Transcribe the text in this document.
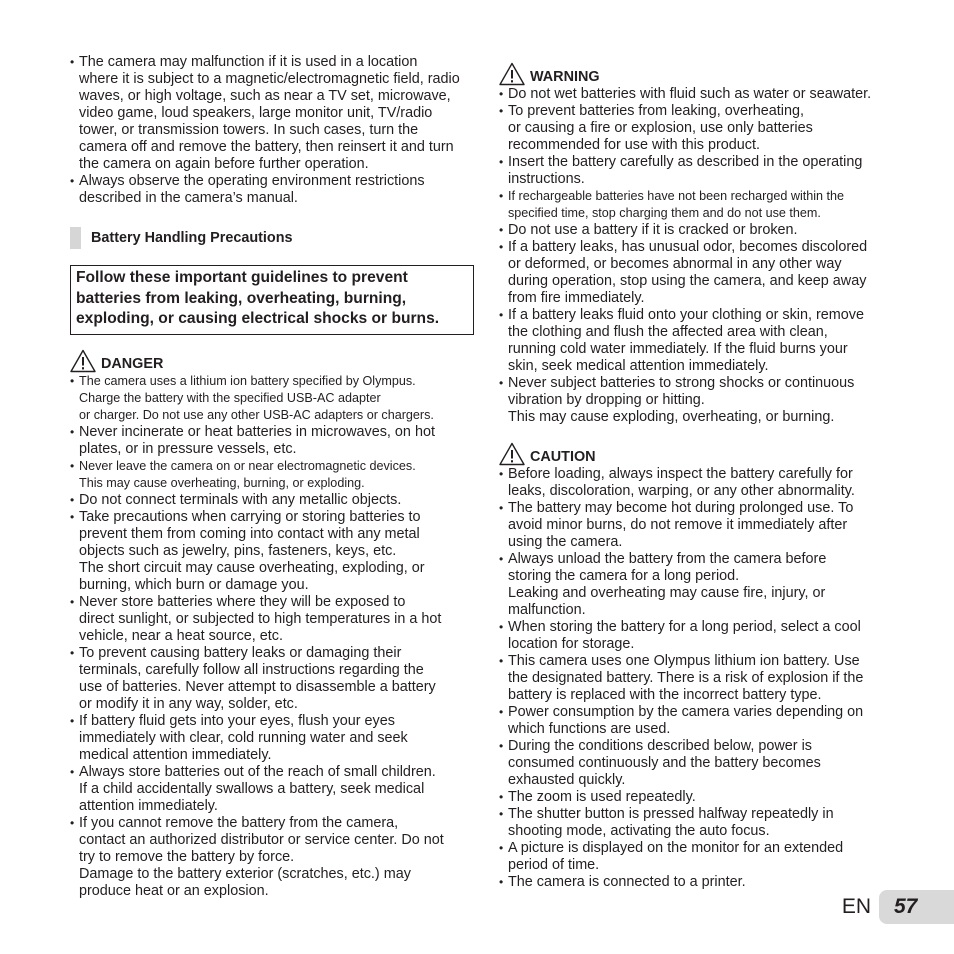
• The camera may malfunction if it is used in a location
where it is subject to a magnetic/electromagnetic field, radio
waves, or high voltage, such as near a TV set, microwave,
video game, loud speakers, large monitor unit, TV/radio
tower, or transmission towers. In such cases, turn the
camera off and remove the battery, then reinsert it and turn
the camera on again before further operation.
• Always observe the operating environment restrictions
described in the camera’s manual.
Battery Handling Precautions
Follow these important guidelines to prevent
batteries from leaking, overheating, burning,
exploding, or causing electrical shocks or burns.
DANGER
• The camera uses a lithium ion battery specified by Olympus.
Charge the battery with the specified USB-AC adapter
or charger. Do not use any other USB-AC adapters or chargers.
• Never incinerate or heat batteries in microwaves, on hot
plates, or in pressure vessels, etc.
• Never leave the camera on or near electromagnetic devices.
This may cause overheating, burning, or exploding.
• Do not connect terminals with any metallic objects.
• Take precautions when carrying or storing batteries to
prevent them from coming into contact with any metal
objects such as jewelry, pins, fasteners, keys, etc.
The short circuit may cause overheating, exploding, or
burning, which burn or damage you.
• Never store batteries where they will be exposed to
direct sunlight, or subjected to high temperatures in a hot
vehicle, near a heat source, etc.
• To prevent causing battery leaks or damaging their
terminals, carefully follow all instructions regarding the
use of batteries. Never attempt to disassemble a battery
or modify it in any way, solder, etc.
• If battery fluid gets into your eyes, flush your eyes
immediately with clear, cold running water and seek
medical attention immediately.
• Always store batteries out of the reach of small children.
If a child accidentally swallows a battery, seek medical
attention immediately.
• If you cannot remove the battery from the camera,
contact an authorized distributor or service center. Do not
try to remove the battery by force.
Damage to the battery exterior (scratches, etc.) may
produce heat or an explosion.
WARNING
• Do not wet batteries with fluid such as water or seawater.
• To prevent batteries from leaking, overheating,
or causing a fire or explosion, use only batteries
recommended for use with this product.
• Insert the battery carefully as described in the operating
instructions.
• If rechargeable batteries have not been recharged within the
specified time, stop charging them and do not use them.
• Do not use a battery if it is cracked or broken.
• If a battery leaks, has unusual odor, becomes discolored
or deformed, or becomes abnormal in any other way
during operation, stop using the camera, and keep away
from fire immediately.
• If a battery leaks fluid onto your clothing or skin, remove
the clothing and flush the affected area with clean,
running cold water immediately. If the fluid burns your
skin, seek medical attention immediately.
• Never subject batteries to strong shocks or continuous
vibration by dropping or hitting.
This may cause exploding, overheating, or burning.
CAUTION
• Before loading, always inspect the battery carefully for
leaks, discoloration, warping, or any other abnormality.
• The battery may become hot during prolonged use. To
avoid minor burns, do not remove it immediately after
using the camera.
• Always unload the battery from the camera before
storing the camera for a long period.
Leaking and overheating may cause fire, injury, or
malfunction.
• When storing the battery for a long period, select a cool
location for storage.
• This camera uses one Olympus lithium ion battery. Use
the designated battery. There is a risk of explosion if the
battery is replaced with the incorrect battery type.
• Power consumption by the camera varies depending on
which functions are used.
• During the conditions described below, power is
consumed continuously and the battery becomes
exhausted quickly.
• The zoom is used repeatedly.
• The shutter button is pressed halfway repeatedly in
shooting mode, activating the auto focus.
• A picture is displayed on the monitor for an extended
period of time.
• The camera is connected to a printer.
EN	57
